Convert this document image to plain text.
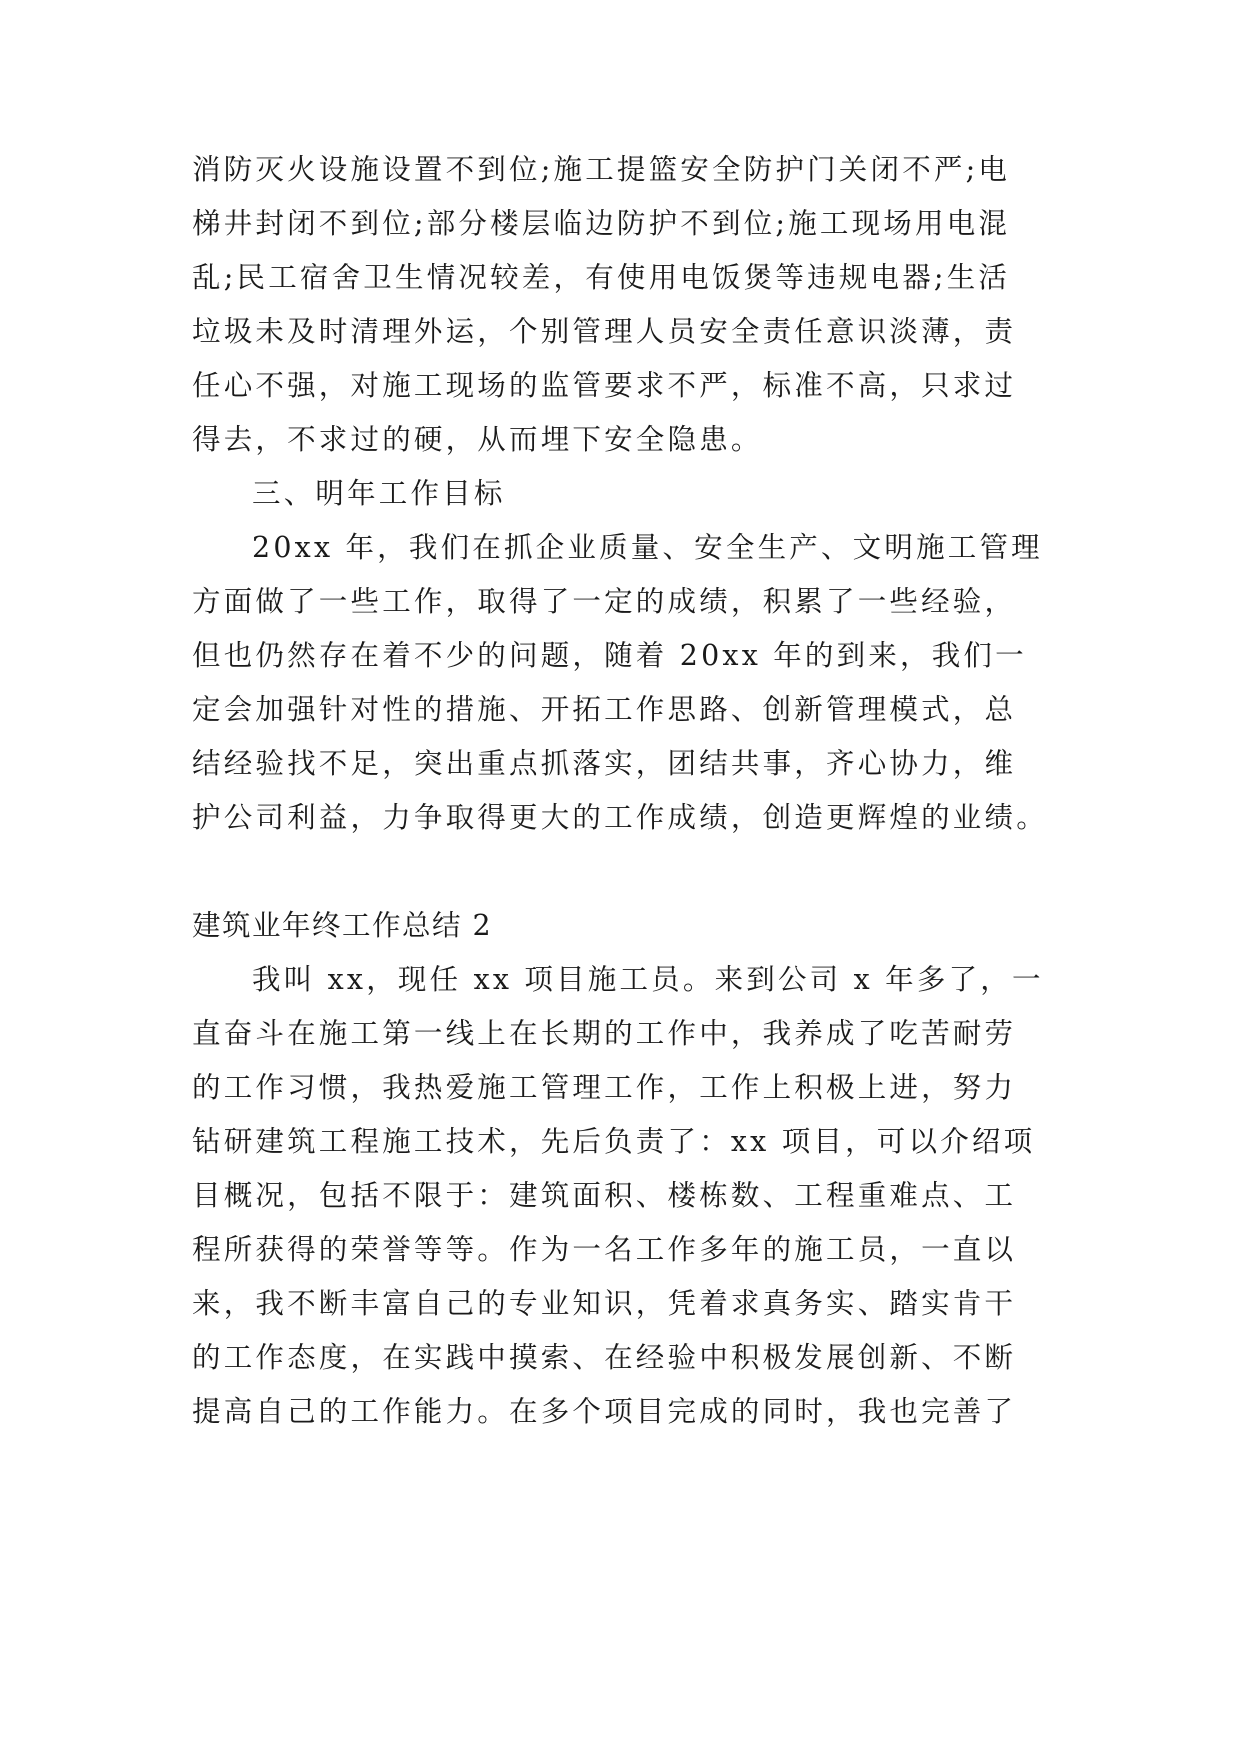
消防灭火设施设置不到位;施工提篮安全防护门关闭不严;电

梯井封闭不到位;部分楼层临边防护不到位;施工现场用电混

乱;民工宿舍卫生情况较差，有使用电饭煲等违规电器;生活

垃圾未及时清理外运，个别管理人员安全责任意识淡薄，责

任心不强，对施工现场的监管要求不严，标准不高，只求过

得去，不求过的硬，从而埋下安全隐患。

三、明年工作目标

20xx 年，我们在抓企业质量、安全生产、文明施工管理

方面做了一些工作，取得了一定的成绩，积累了一些经验，

但也仍然存在着不少的问题，随着 20xx 年的到来，我们一

定会加强针对性的措施、开拓工作思路、创新管理模式，总

结经验找不足，突出重点抓落实，团结共事，齐心协力，维

护公司利益，力争取得更大的工作成绩，创造更辉煌的业绩。

建筑业年终工作总结 2

我叫 xx，现任 xx 项目施工员。来到公司 x 年多了，一

直奋斗在施工第一线上在长期的工作中，我养成了吃苦耐劳

的工作习惯，我热爱施工管理工作，工作上积极上进，努力

钻研建筑工程施工技术，先后负责了：xx 项目，可以介绍项

目概况，包括不限于：建筑面积、楼栋数、工程重难点、工

程所获得的荣誉等等。作为一名工作多年的施工员，一直以

来，我不断丰富自己的专业知识，凭着求真务实、踏实肯干

的工作态度，在实践中摸索、在经验中积极发展创新、不断

提高自己的工作能力。在多个项目完成的同时，我也完善了
